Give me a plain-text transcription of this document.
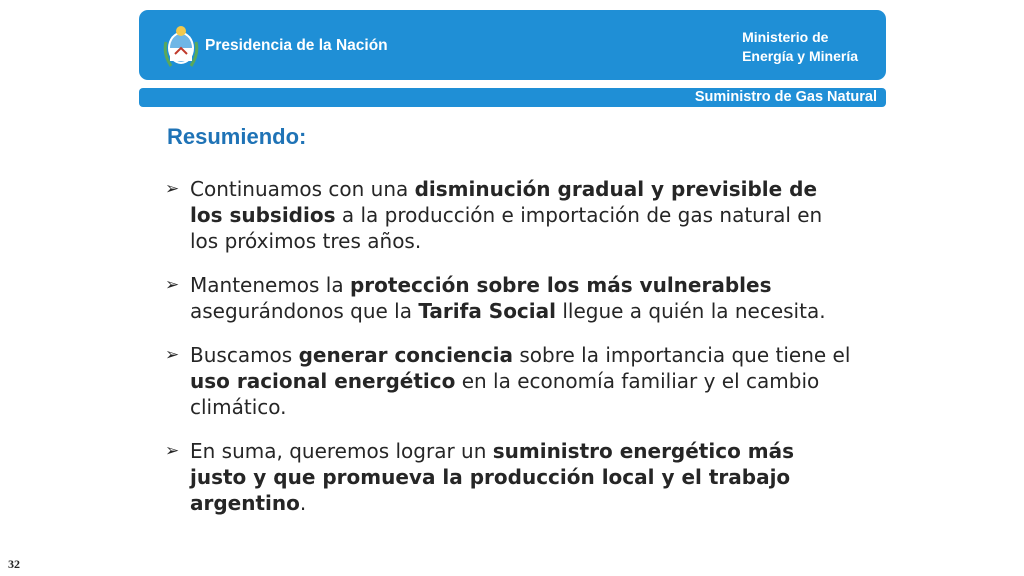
Presidencia de la Nación	Ministerio de
Energía y Minería
Suministro de Gas Natural
Resumiendo:
➢ Continuamos con una disminución gradual y previsible de los subsidios a la producción e importación de gas natural en los próximos tres años.
➢ Mantenemos la protección sobre los más vulnerables asegurándonos que la Tarifa Social llegue a quién la necesita.
➢ Buscamos generar conciencia sobre la importancia que tiene el uso racional energético en la economía familiar y el cambio climático.
➢ En suma, queremos lograr un suministro energético más justo y que promueva la producción local y el trabajo argentino.
32
